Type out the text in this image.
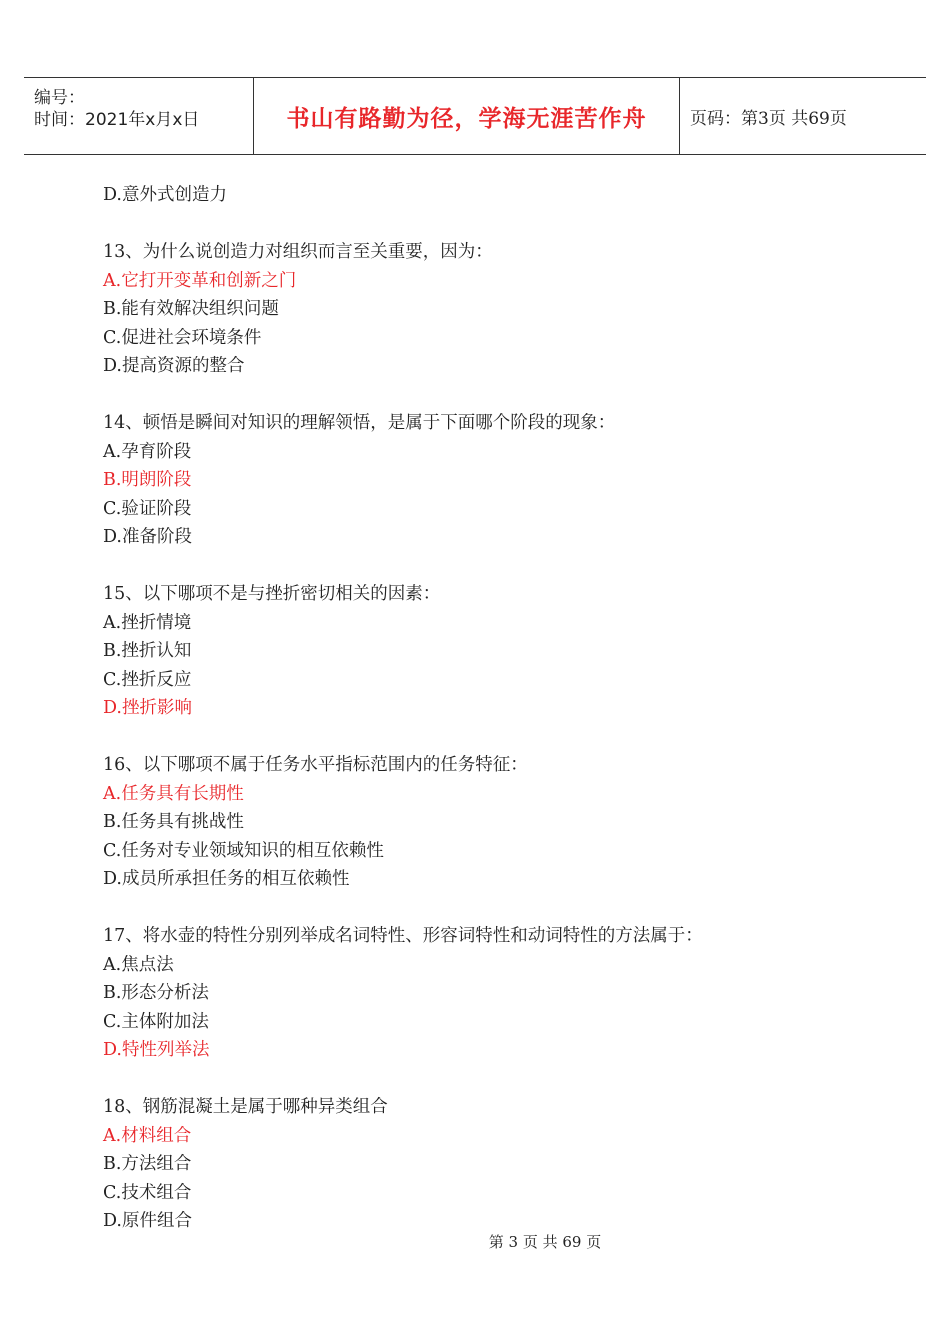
编号：
时间：2021年x月x日	书山有路勤为径，学海无涯苦作舟	页码：第3页 共69页
D.意外式创造力
13、为什么说创造力对组织而言至关重要，因为：
A.它打开变革和创新之门
B.能有效解决组织问题
C.促进社会环境条件
D.提高资源的整合
14、顿悟是瞬间对知识的理解领悟，是属于下面哪个阶段的现象：
A.孕育阶段
B.明朗阶段
C.验证阶段
D.准备阶段
15、以下哪项不是与挫折密切相关的因素：
A.挫折情境
B.挫折认知
C.挫折反应
D.挫折影响
16、以下哪项不属于任务水平指标范围内的任务特征：
A.任务具有长期性
B.任务具有挑战性
C.任务对专业领域知识的相互依赖性
D.成员所承担任务的相互依赖性
17、将水壶的特性分别列举成名词特性、形容词特性和动词特性的方法属于：
A.焦点法
B.形态分析法
C.主体附加法
D.特性列举法
18、钢筋混凝土是属于哪种异类组合
A.材料组合
B.方法组合
C.技术组合
D.原件组合
第 3 页 共 69 页
